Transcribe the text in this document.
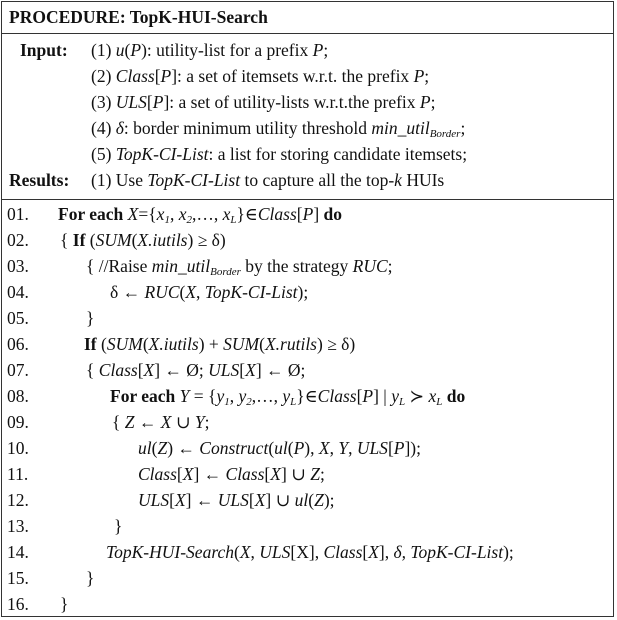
PROCEDURE: TopK-HUI-Search
Input: (1) u(P): utility-list for a prefix P;
(2) Class[P]: a set of itemsets w.r.t. the prefix P;
(3) ULS[P]: a set of utility-lists w.r.t.the prefix P;
(4) δ: border minimum utility threshold min_util$_{Border}$;
(5) TopK-CI-List: a list for storing candidate itemsets;
Results: (1) Use TopK-CI-List to capture all the top-k HUIs
01.
02.
03.
04.
05.
06.
07.
08.
09.
10.
11.
12.
13.
14.
15.
16.
For each $X=\{x_1$, $x_2,\dots$, $x_L\}\in Class[P]$ do
{ If (SUM(X.iutils) ≥ δ)
{ //Raise min_util$_{Border}$ by the strategy RUC;
δ ← RUC(X, TopK-CI-List);
}
If (SUM(X.iutils) + SUM(X.rutils) ≥ δ)
{ Class[X] ← Ø; ULS[X] ← Ø;
For each $Y = \{y_1$, $y_2,\dots$, $y_L\}\in Class[P]$ | $y_L$ ≻ $x_L$ do
{ Z ← X ∪ Y;
ul(Z) ← Construct(ul(P), X, Y, ULS[P]);
Class[X] ← Class[X] ∪ Z;
ULS[X] ← ULS[X] ∪ ul(Z);
}
TopK-HUI-Search(X, ULS[X], Class[X], δ, TopK-CI-List);
}
}
